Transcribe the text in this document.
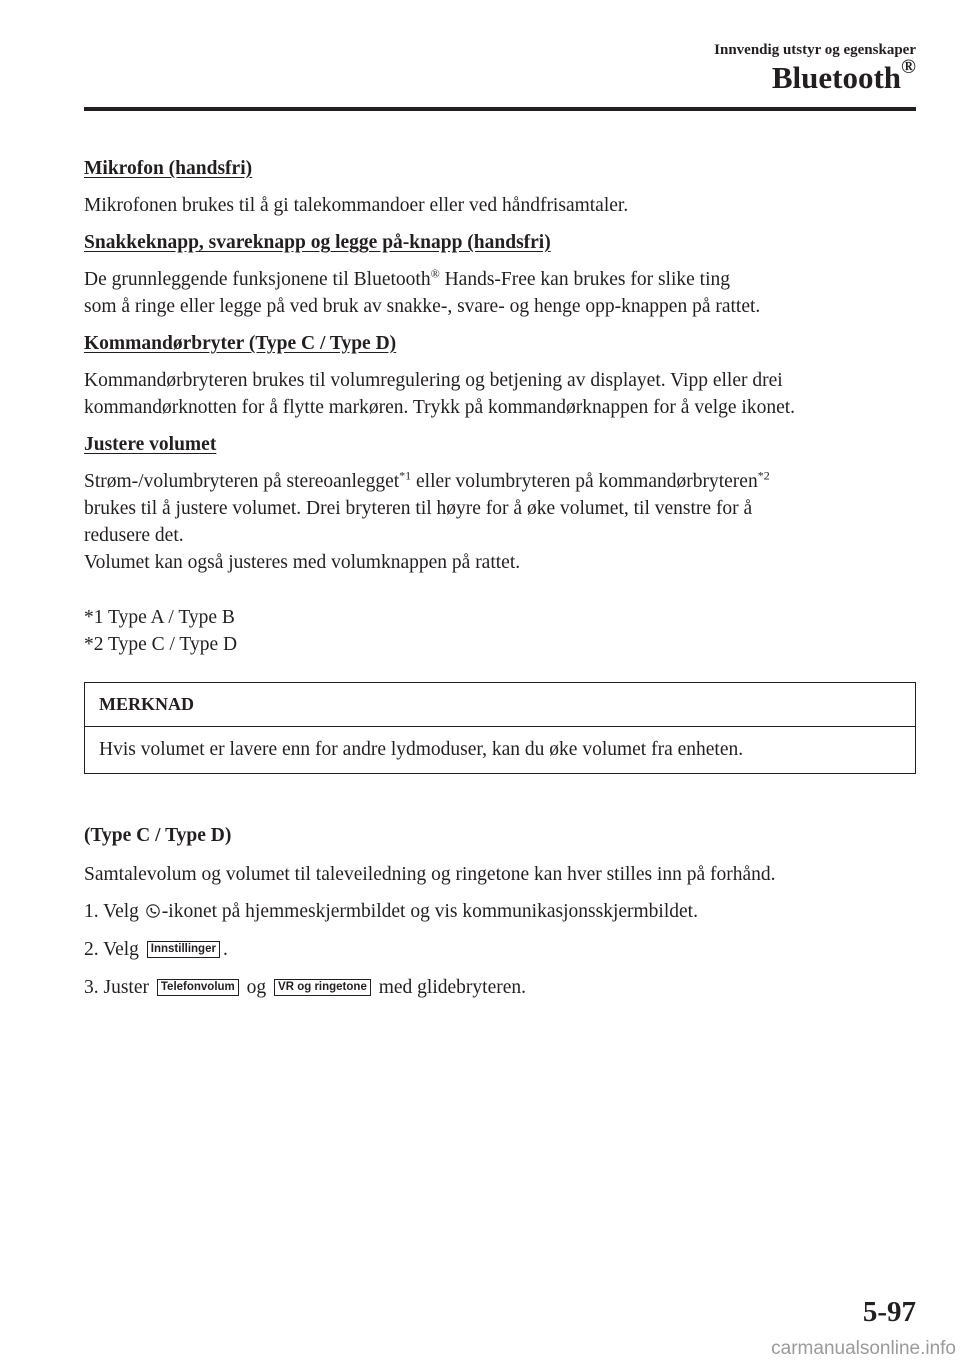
Innvendig utstyr og egenskaper
Bluetooth®
Mikrofon (handsfri)
Mikrofonen brukes til å gi talekommandoer eller ved håndfrisamtaler.
Snakkeknapp, svareknapp og legge på-knapp (handsfri)
De grunnleggende funksjonene til Bluetooth® Hands-Free kan brukes for slike ting
som å ringe eller legge på ved bruk av snakke-, svare- og henge opp-knappen på rattet.
Kommandørbryter (Type C / Type D)
Kommandørbryteren brukes til volumregulering og betjening av displayet. Vipp eller drei
kommandørknotten for å flytte markøren. Trykk på kommandørknappen for å velge ikonet.
Justere volumet
Strøm-/volumbryteren på stereoanlegget$^{*1}$ eller volumbryteren på kommandørbryteren$^{*2}$
brukes til å justere volumet. Drei bryteren til høyre for å øke volumet, til venstre for å
redusere det.
Volumet kan også justeres med volumknappen på rattet.
*1 Type A / Type B
*2 Type C / Type D
MERKNAD
Hvis volumet er lavere enn for andre lydmoduser, kan du øke volumet fra enheten.
(Type C / Type D)
Samtalevolum og volumet til taleveiledning og ringetone kan hver stilles inn på forhånd.
1. Velg -ikonet på hjemmeskjermbildet og vis kommunikasjonsskjermbildet.
2. Velg Innstillinger .
3. Juster Telefonvolum og VR og ringetone med glidebryteren.
5-97
carmanualsonline.info
